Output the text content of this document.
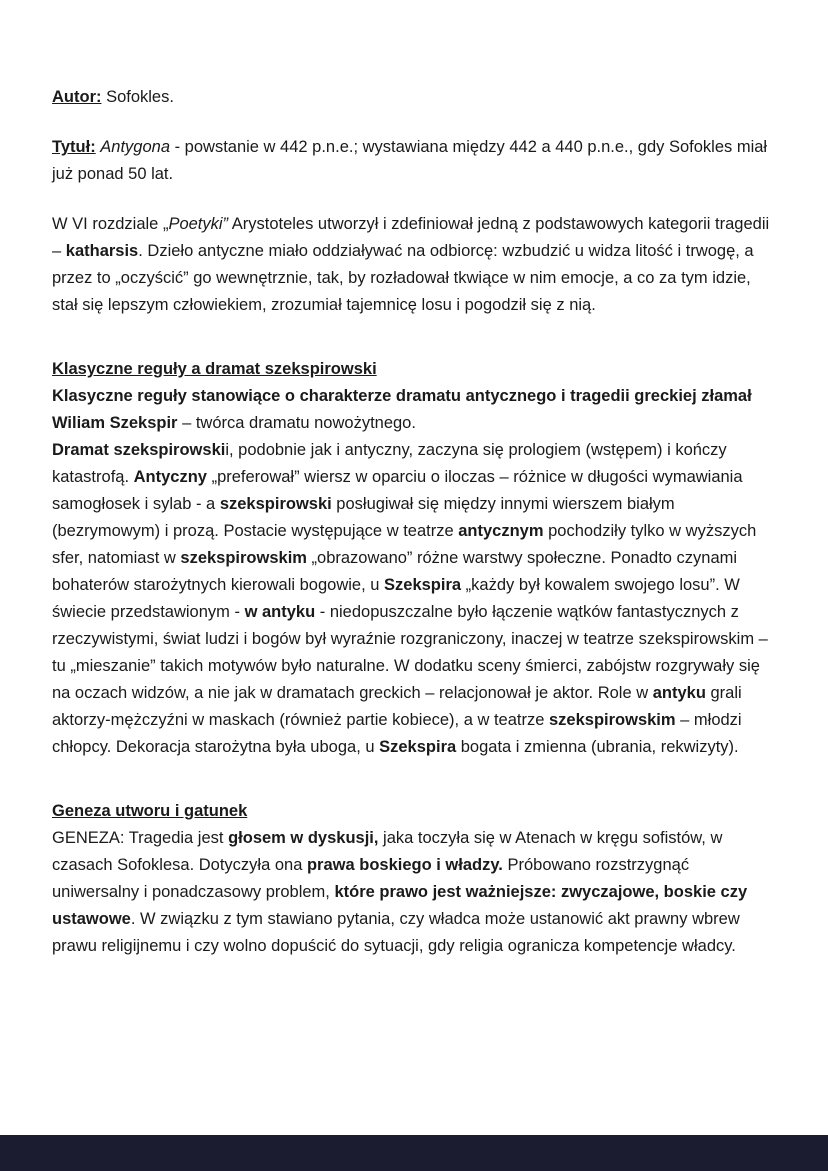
Autor: Sofokles.
Tytuł: Antygona - powstanie w 442 p.n.e.; wystawiana między 442 a 440 p.n.e., gdy Sofokles miał już ponad 50 lat.
W VI rozdziale „Poetyki” Arystoteles utworzył i zdefiniował jedną z podstawowych kategorii tragedii – katharsis. Dzieło antyczne miało oddziaływać na odbiorcę: wzbudzić u widza litość i trwogę, a przez to „oczyścić” go wewnętrznie, tak, by rozładował tkwiące w nim emocje, a co za tym idzie, stał się lepszym człowiekiem, zrozumiał tajemnicę losu i pogodził się z nią.
Klasyczne reguły a dramat szekspirowski
Klasyczne reguły stanowiące o charakterze dramatu antycznego i tragedii greckiej złamał Wiliam Szekspir – twórca dramatu nowożytnego.
Dramat szekspirowskii, podobnie jak i antyczny, zaczyna się prologiem (wstępem) i kończy katastrofą. Antyczny „preferował” wiersz w oparciu o iloczas – różnice w długości wymawiania samogłosek i sylab - a szekspirowski posługiwał się między innymi wierszem białym (bezrymowym) i prozą. Postacie występujące w teatrze antycznym pochodziły tylko w wyższych sfer, natomiast w szekspirowskim „obrazowano” różne warstwy społeczne. Ponadto czynami bohaterów starożytnych kierowali bogowie, u Szekspira „każdy był kowalem swojego losu”. W świecie przedstawionym - w antyku - niedopuszczalne było łączenie wątków fantastycznych z rzeczywistymi, świat ludzi i bogów był wyraźnie rozgraniczony, inaczej w teatrze szekspirowskim – tu „mieszanie” takich motywów było naturalne. W dodatku sceny śmierci, zabójstw rozgrywały się na oczach widzów, a nie jak w dramatach greckich – relacjonował je aktor. Role w antyku grali aktorzy-mężczyźni w maskach (również partie kobiece), a w teatrze szekspirowskim – młodzi chłopcy. Dekoracja starożytna była uboga, u Szekspira bogata i zmienna (ubrania, rekwizyty).
Geneza utworu i gatunek
GENEZA: Tragedia jest głosem w dyskusji, jaka toczyła się w Atenach w kręgu sofistów, w czasach Sofoklesa. Dotyczyła ona prawa boskiego i władzy. Próbowano rozstrzygnąć uniwersalny i ponadczasowy problem, które prawo jest ważniejsze: zwyczajowe, boskie czy ustawowe. W związku z tym stawiano pytania, czy władca może ustanowić akt prawny wbrew prawu religijnemu i czy wolno dopuścić do sytuacji, gdy religia ogranicza kompetencje władcy.
